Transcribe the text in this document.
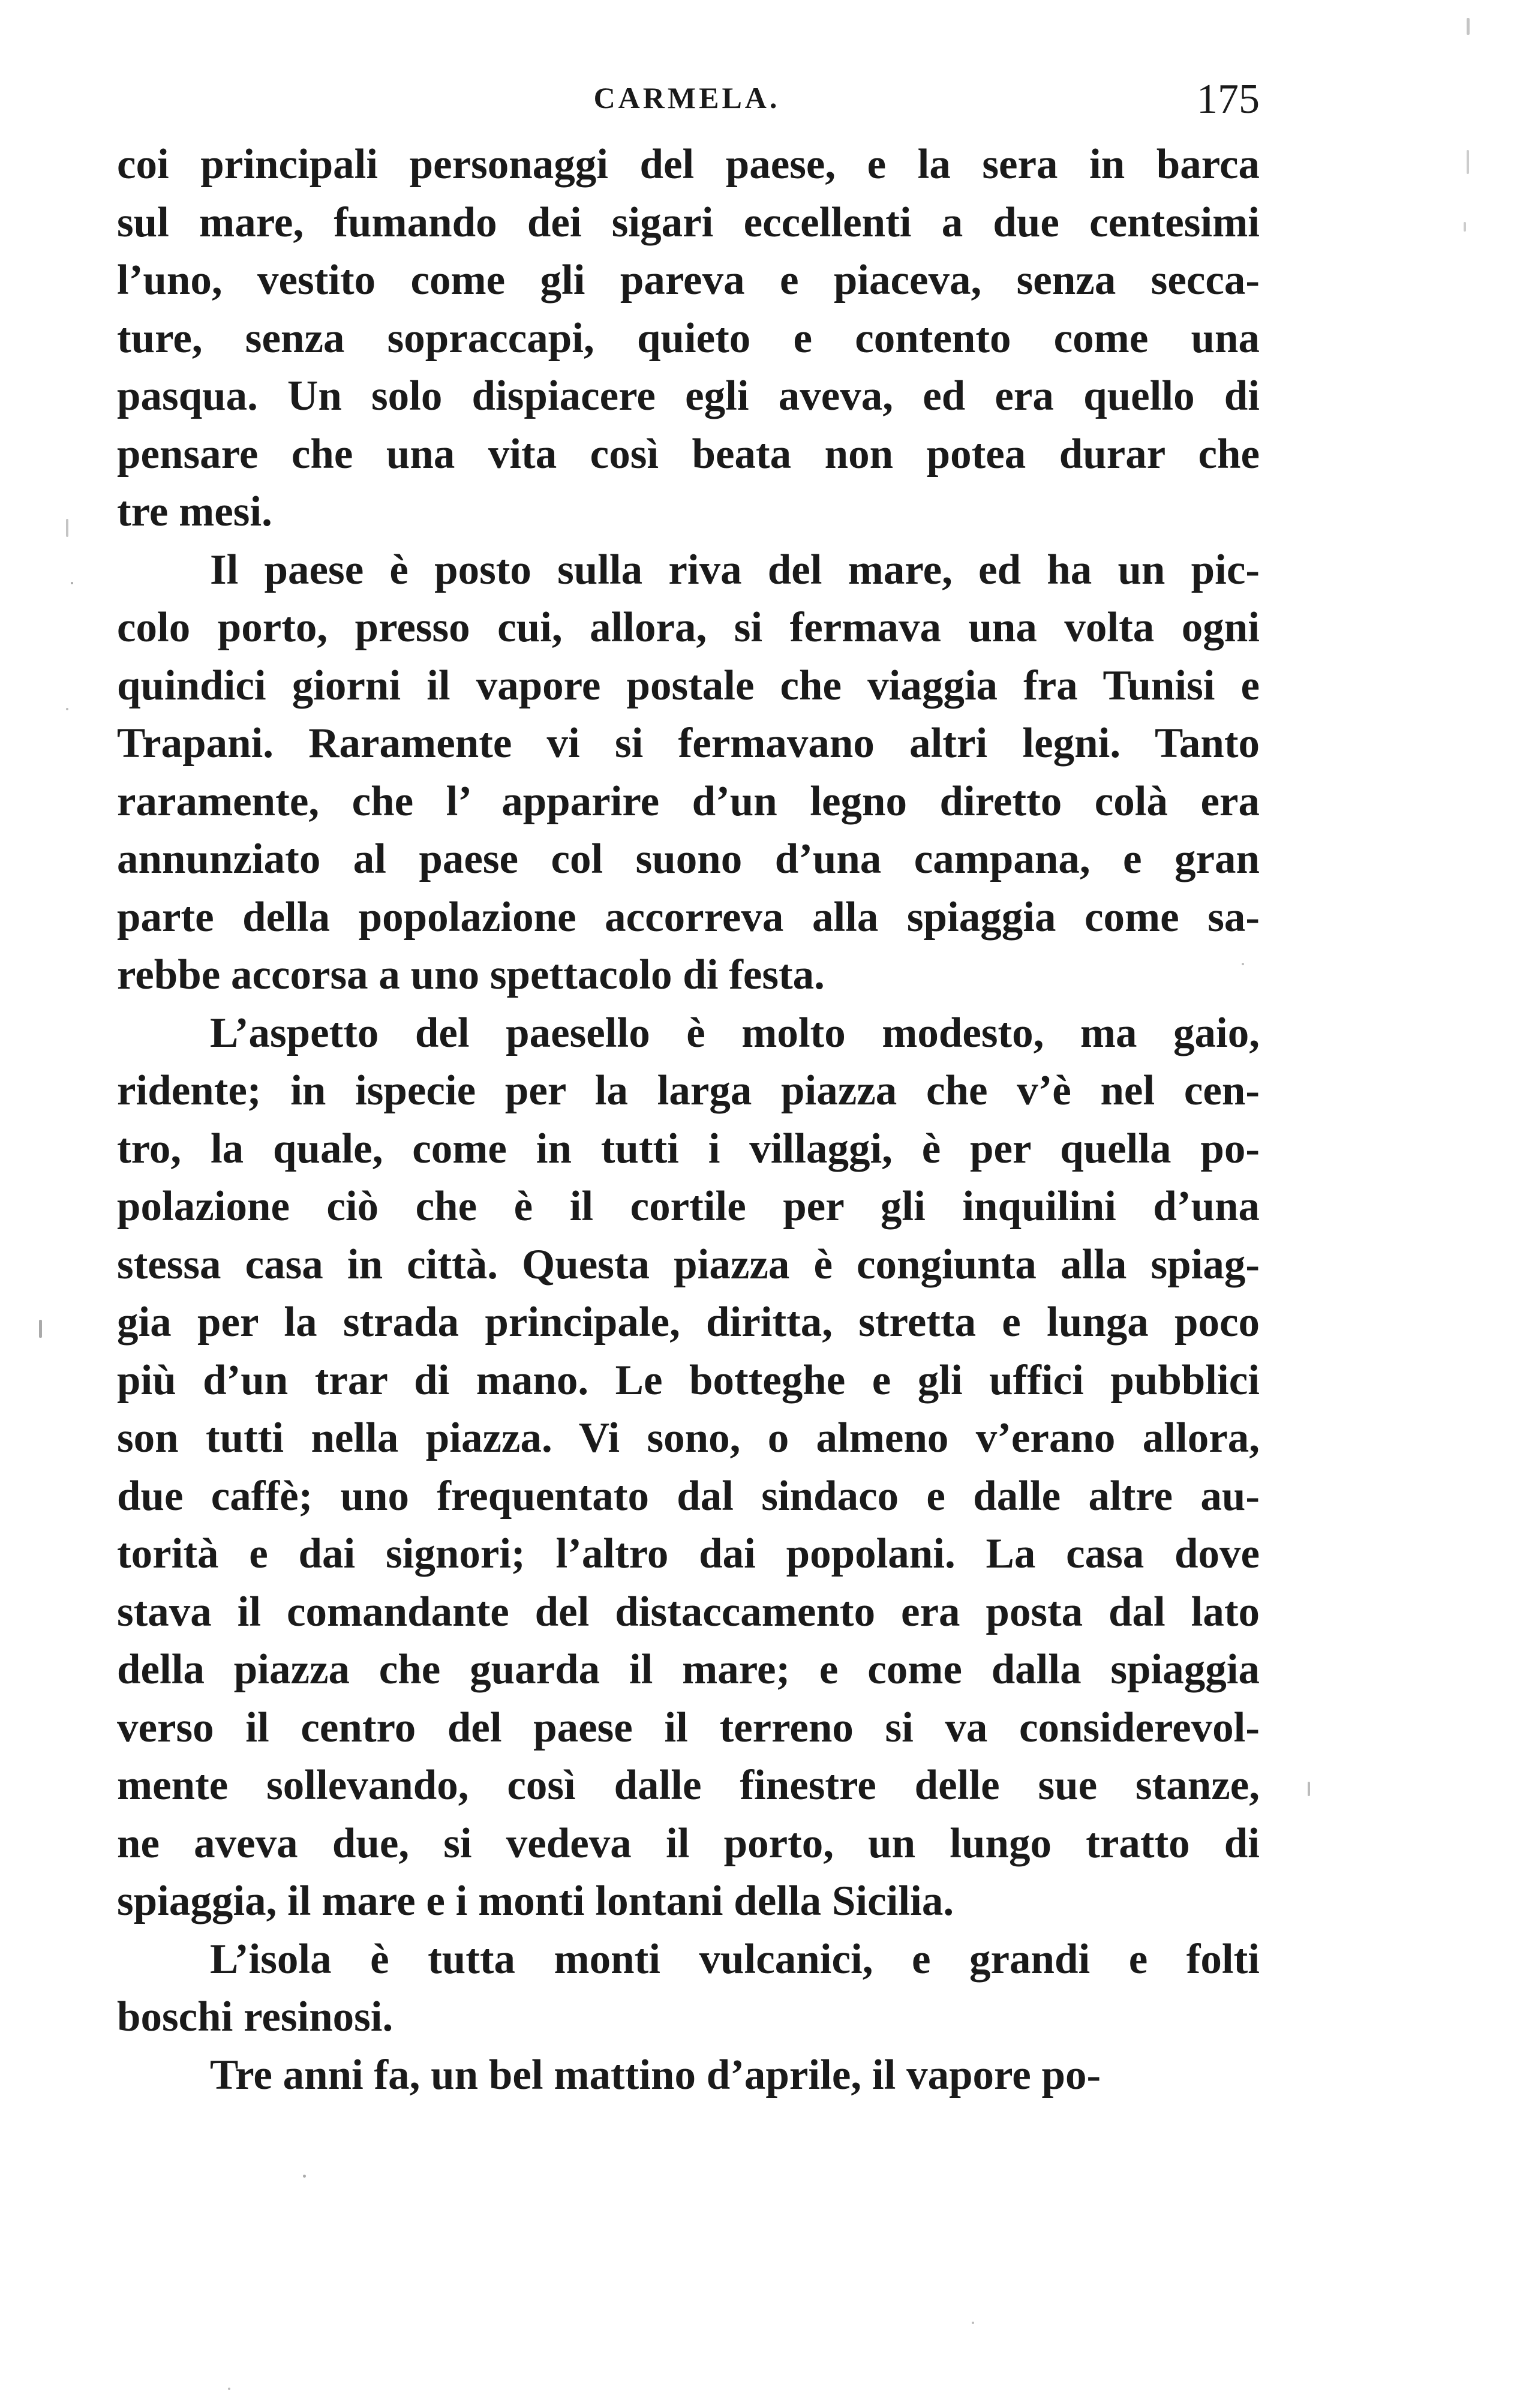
CARMELA.	175
coi principali personaggi del paese, e la sera in barca
sul mare, fumando dei sigari eccellenti a due centesimi
l’uno, vestito come gli pareva e piaceva, senza secca-
ture, senza sopraccapi, quieto e contento come una
pasqua. Un solo dispiacere egli aveva, ed era quello di
pensare che una vita così beata non potea durar che
tre mesi.
Il paese è posto sulla riva del mare, ed ha un pic-
colo porto, presso cui, allora, si fermava una volta ogni
quindici giorni il vapore postale che viaggia fra Tunisi e
Trapani. Raramente vi si fermavano altri legni. Tanto
raramente, che l’ apparire d’un legno diretto colà era
annunziato al paese col suono d’una campana, e gran
parte della popolazione accorreva alla spiaggia come sa-
rebbe accorsa a uno spettacolo di festa.
L’aspetto del paesello è molto modesto, ma gaio,
ridente; in ispecie per la larga piazza che v’è nel cen-
tro, la quale, come in tutti i villaggi, è per quella po-
polazione ciò che è il cortile per gli inquilini d’una
stessa casa in città. Questa piazza è congiunta alla spiag-
gia per la strada principale, diritta, stretta e lunga poco
più d’un trar di mano. Le botteghe e gli uffici pubblici
son tutti nella piazza. Vi sono, o almeno v’erano allora,
due caffè; uno frequentato dal sindaco e dalle altre au-
torità e dai signori; l’altro dai popolani. La casa dove
stava il comandante del distaccamento era posta dal lato
della piazza che guarda il mare; e come dalla spiaggia
verso il centro del paese il terreno si va considerevol-
mente sollevando, così dalle finestre delle sue stanze,
ne aveva due, si vedeva il porto, un lungo tratto di
spiaggia, il mare e i monti lontani della Sicilia.
L’isola è tutta monti vulcanici, e grandi e folti
boschi resinosi.
Tre anni fa, un bel mattino d’aprile, il vapore po-
